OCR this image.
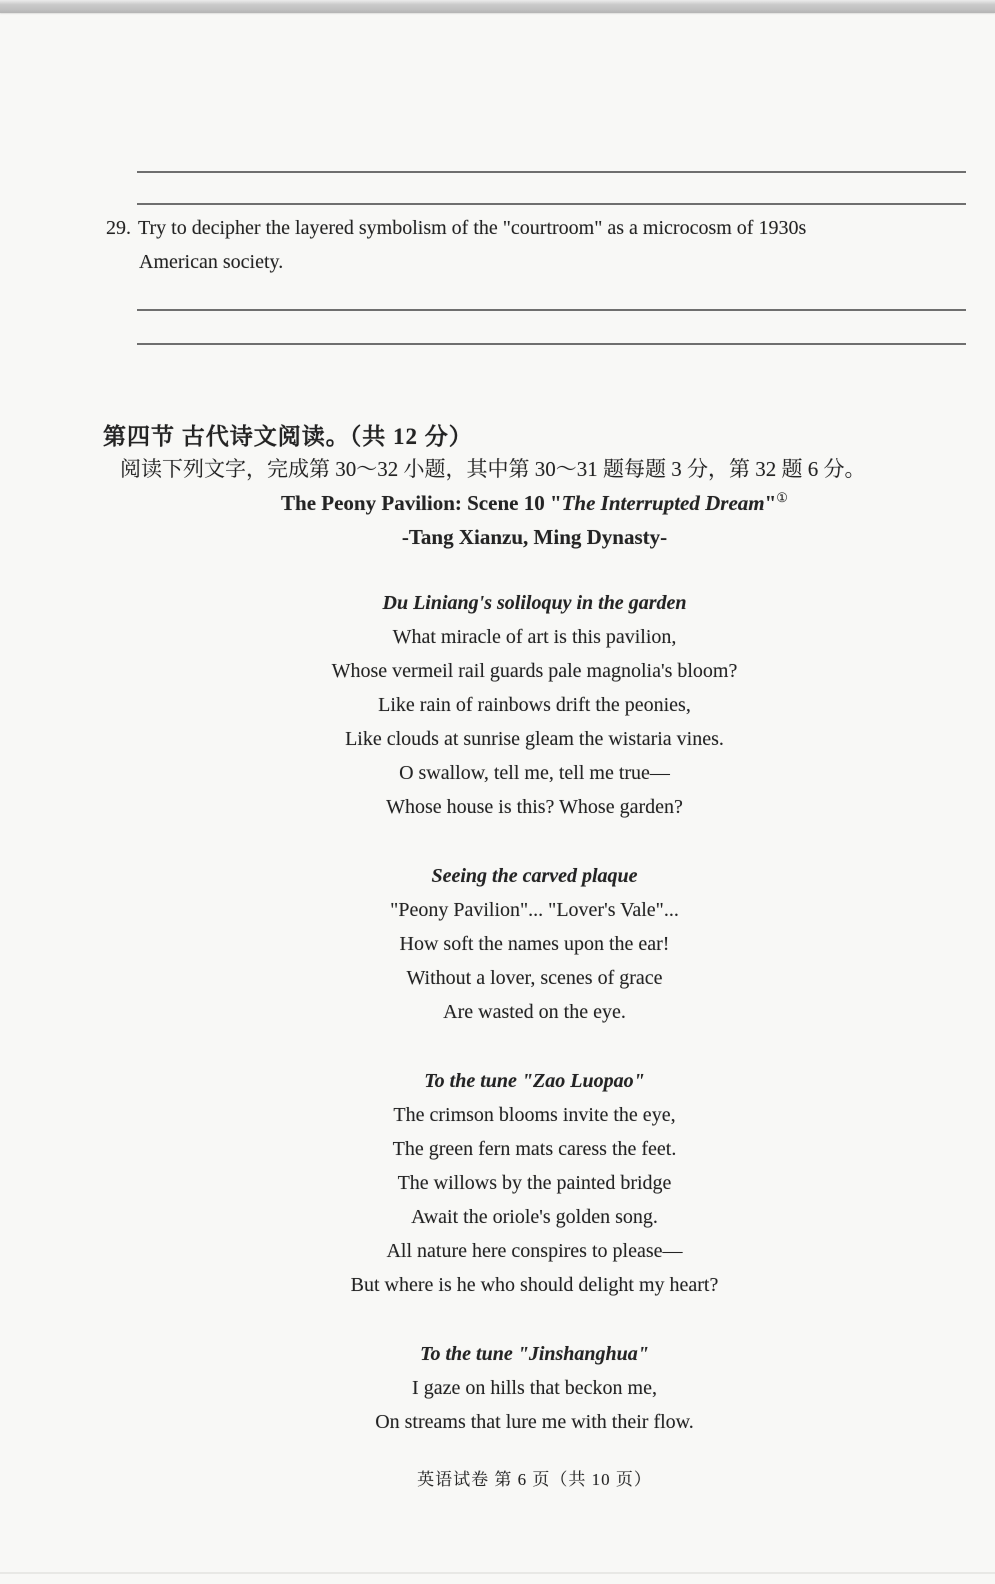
29. Try to decipher the layered symbolism of the "courtroom" as a microcosm of 1930s
American society.
第四节 古代诗文阅读。（共 12 分）
阅读下列文字，完成第 30～32 小题，其中第 30～31 题每题 3 分，第 32 题 6 分。
The Peony Pavilion: Scene 10 "The Interrupted Dream"①
-Tang Xianzu, Ming Dynasty-
Du Liniang's soliloquy in the garden
What miracle of art is this pavilion,
Whose vermeil rail guards pale magnolia's bloom?
Like rain of rainbows drift the peonies,
Like clouds at sunrise gleam the wistaria vines.
O swallow, tell me, tell me true—
Whose house is this? Whose garden?
Seeing the carved plaque
"Peony Pavilion"... "Lover's Vale"...
How soft the names upon the ear!
Without a lover, scenes of grace
Are wasted on the eye.
To the tune "Zao Luopao"
The crimson blooms invite the eye,
The green fern mats caress the feet.
The willows by the painted bridge
Await the oriole's golden song.
All nature here conspires to please—
But where is he who should delight my heart?
To the tune "Jinshanghua"
I gaze on hills that beckon me,
On streams that lure me with their flow.
英语试卷 第 6 页（共 10 页）
